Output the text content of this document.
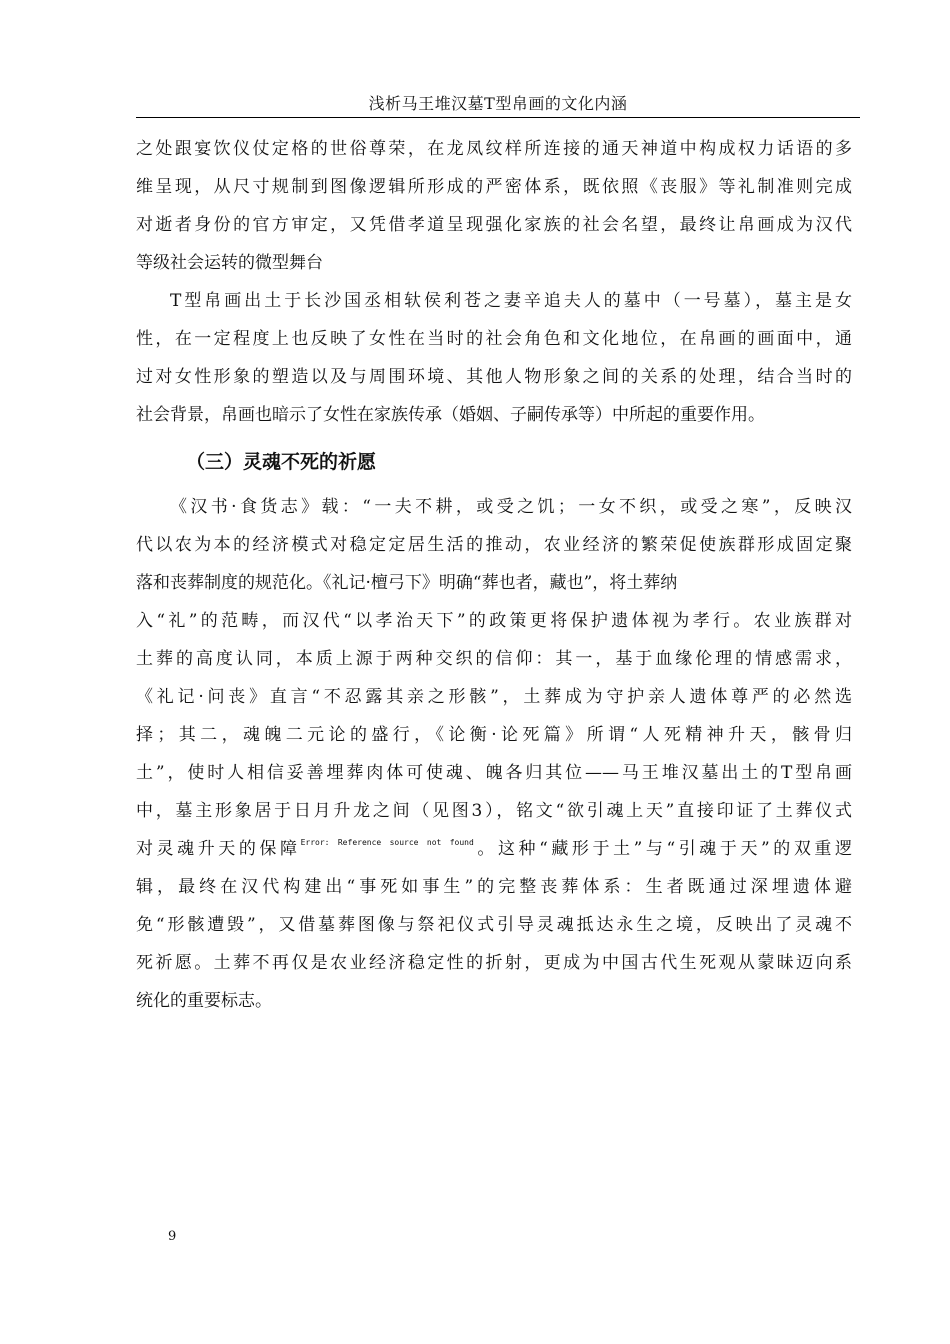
浅析马王堆汉墓T型帛画的文化内涵
之处跟宴饮仪仗定格的世俗尊荣，在龙凤纹样所连接的通天神道中构成权力话语的多
维呈现，从尺寸规制到图像逻辑所形成的严密体系，既依照《丧服》等礼制准则完成
对逝者身份的官方审定，又凭借孝道呈现强化家族的社会名望，最终让帛画成为汉代
等级社会运转的微型舞台
T型帛画出土于长沙国丞相轪侯利苍之妻辛追夫人的墓中（一号墓），墓主是女
性，在一定程度上也反映了女性在当时的社会角色和文化地位，在帛画的画面中，通
过对女性形象的塑造以及与周围环境、其他人物形象之间的关系的处理，结合当时的
社会背景，帛画也暗示了女性在家族传承（婚姻、子嗣传承等）中所起的重要作用。
（三）灵魂不死的祈愿
《汉书·食货志》载：“一夫不耕，或受之饥；一女不织，或受之寒”，反映汉
代以农为本的经济模式对稳定定居生活的推动，农业经济的繁荣促使族群形成固定聚
落和丧葬制度的规范化。《礼记·檀弓下》明确“葬也者，藏也”，将土葬纳
入“礼”的范畴，而汉代“以孝治天下”的政策更将保护遗体视为孝行。农业族群对
土葬的高度认同，本质上源于两种交织的信仰：其一，基于血缘伦理的情感需求，
《礼记·问丧》直言“不忍露其亲之形骸”，土葬成为守护亲人遗体尊严的必然选
择；其二，魂魄二元论的盛行，《论衡·论死篇》所谓“人死精神升天，骸骨归
土”，使时人相信妥善埋葬肉体可使魂、魄各归其位——马王堆汉墓出土的T型帛画
中，墓主形象居于日月升龙之间（见图3），铭文“欲引魂上天”直接印证了土葬仪式
对灵魂升天的保障$^{Error: Reference source not found}$。这种“藏形于土”与“引魂于天”的双重逻
辑，最终在汉代构建出“事死如事生”的完整丧葬体系：生者既通过深埋遗体避
免“形骸遭毁”，又借墓葬图像与祭祀仪式引导灵魂抵达永生之境，反映出了灵魂不
死祈愿。土葬不再仅是农业经济稳定性的折射，更成为中国古代生死观从蒙昧迈向系
统化的重要标志。
9
